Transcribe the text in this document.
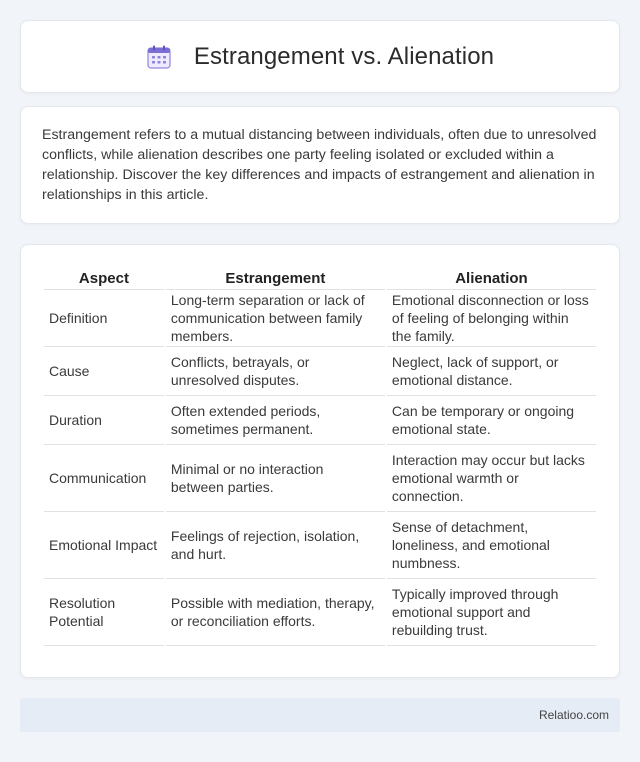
Estrangement vs. Alienation

Estrangement refers to a mutual distancing between individuals, often due to unresolved conflicts, while alienation describes one party feeling isolated or excluded within a relationship. Discover the key differences and impacts of estrangement and alienation in relationships in this article.

Aspect	Estrangement	Alienation
Definition	Long-term separation or lack of communication between family members.	Emotional disconnection or loss of feeling of belonging within the family.
Cause	Conflicts, betrayals, or unresolved disputes.	Neglect, lack of support, or emotional distance.
Duration	Often extended periods, sometimes permanent.	Can be temporary or ongoing emotional state.
Communication	Minimal or no interaction between parties.	Interaction may occur but lacks emotional warmth or connection.
Emotional Impact	Feelings of rejection, isolation, and hurt.	Sense of detachment, loneliness, and emotional numbness.
Resolution Potential	Possible with mediation, therapy, or reconciliation efforts.	Typically improved through emotional support and rebuilding trust.
Relatioo.com
